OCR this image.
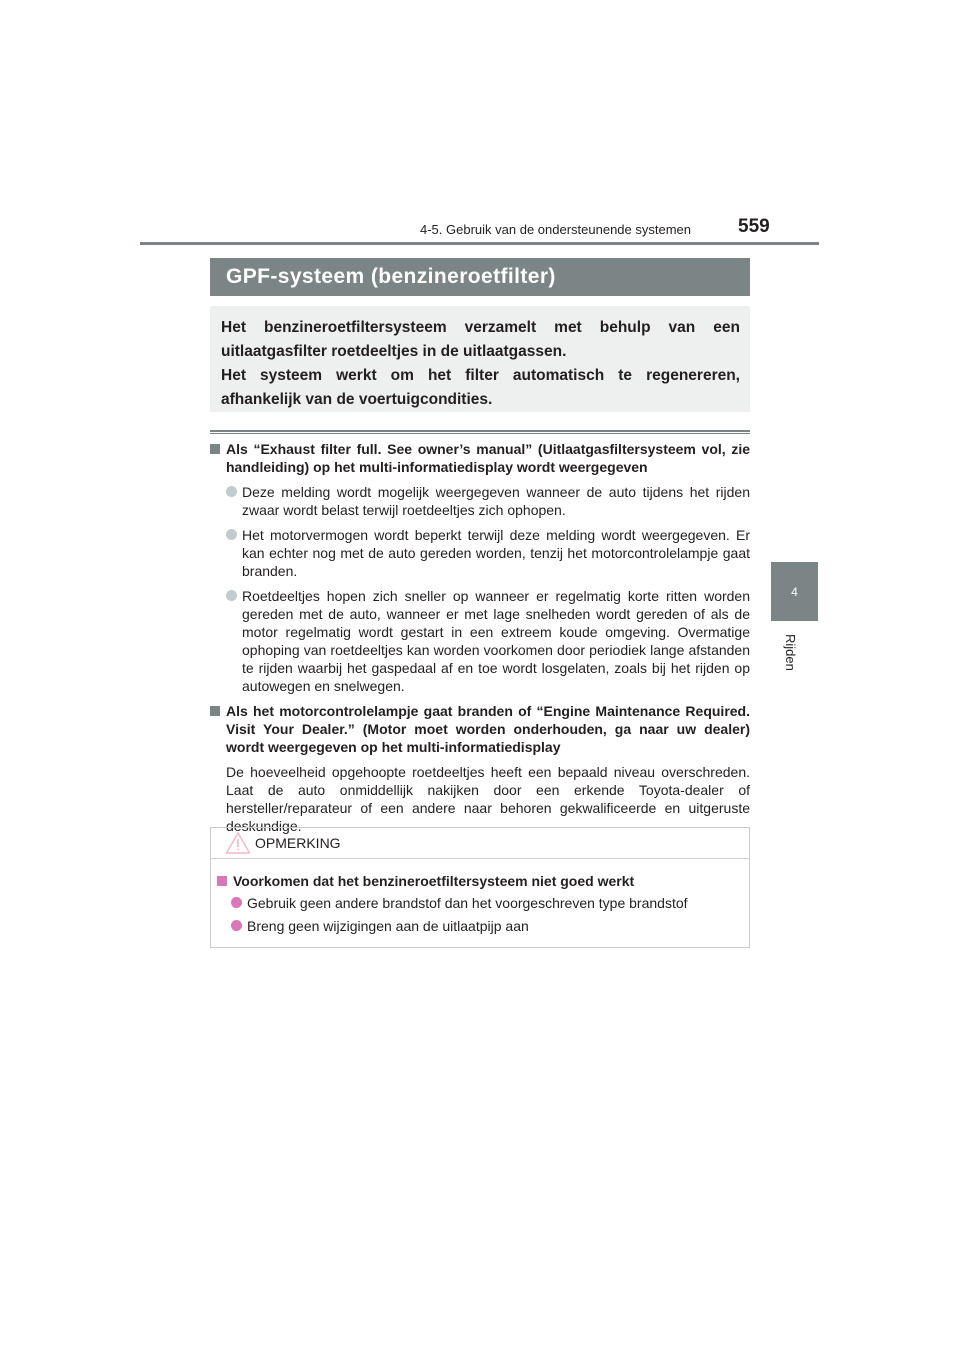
4-5. Gebruik van de ondersteunende systemen 559
4
Rijden
GPF-systeem (benzineroetfilter)

Het benzineroetfiltersysteem verzamelt met behulp van een uitlaatgasfilter roetdeeltjes in de uitlaatgassen.

Het systeem werkt om het filter automatisch te regenereren, afhankelijk van de voertuigcondities.

Als “Exhaust filter full. See owner’s manual” (Uitlaatgasfiltersysteem vol, zie handleiding) op het multi-informatiedisplay wordt weergegeven
Deze melding wordt mogelijk weergegeven wanneer de auto tijdens het rijden zwaar wordt belast terwijl roetdeeltjes zich ophopen.
Het motorvermogen wordt beperkt terwijl deze melding wordt weergegeven. Er kan echter nog met de auto gereden worden, tenzij het motorcontrolelampje gaat branden.
Roetdeeltjes hopen zich sneller op wanneer er regelmatig korte ritten worden gereden met de auto, wanneer er met lage snelheden wordt gereden of als de motor regelmatig wordt gestart in een extreem koude omgeving. Overmatige ophoping van roetdeeltjes kan worden voorkomen door periodiek lange afstanden te rijden waarbij het gaspedaal af en toe wordt losgelaten, zoals bij het rijden op autowegen en snelwegen.
Als het motorcontrolelampje gaat branden of “Engine Maintenance Required. Visit Your Dealer.” (Motor moet worden onderhouden, ga naar uw dealer) wordt weergegeven op het multi-informatiedisplay

De hoeveelheid opgehoopte roetdeeltjes heeft een bepaald niveau overschreden. Laat de auto onmiddellijk nakijken door een erkende Toyota-dealer of hersteller/reparateur of een andere naar behoren gekwalificeerde en uitgeruste deskundige.

OPMERKING
Voorkomen dat het benzineroetfiltersysteem niet goed werkt
Gebruik geen andere brandstof dan het voorgeschreven type brandstof
Breng geen wijzigingen aan de uitlaatpijp aan
